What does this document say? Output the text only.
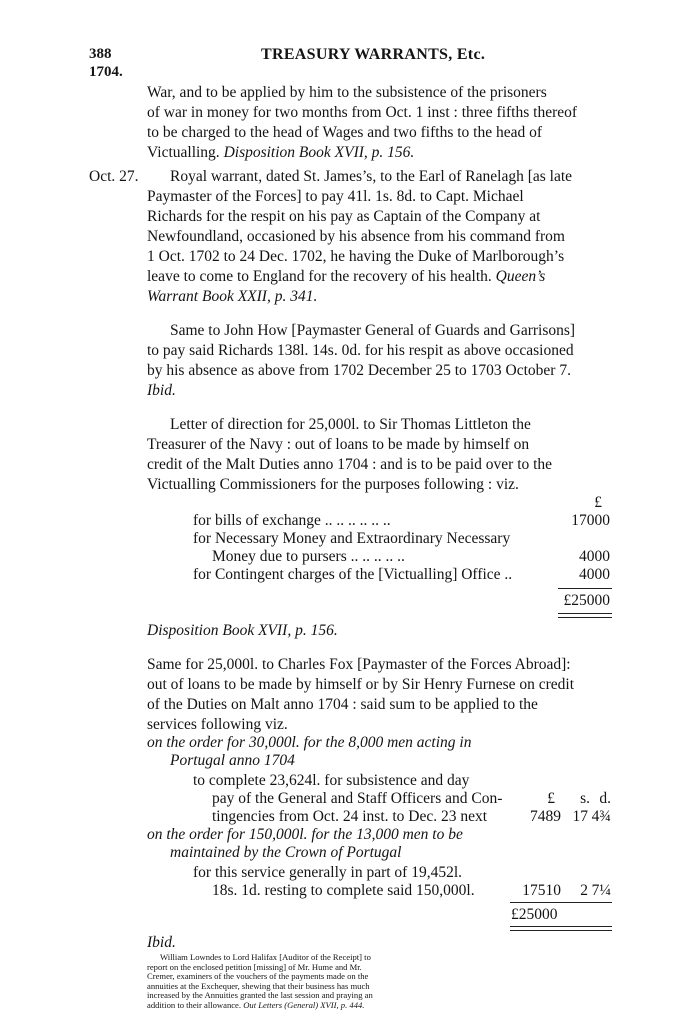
388	TREASURY WARRANTS, Etc.
1704.
War, and to be applied by him to the subsistence of the prisoners
of war in money for two months from Oct. 1 inst : three fifths thereof
to be charged to the head of Wages and two fifths to the head of
Victualling. Disposition Book XVII, p. 156.
Oct. 27. Royal warrant, dated St. James’s, to the Earl of Ranelagh [as late
Paymaster of the Forces] to pay 41l. 1s. 8d. to Capt. Michael
Richards for the respit on his pay as Captain of the Company at
Newfoundland, occasioned by his absence from his command from
1 Oct. 1702 to 24 Dec. 1702, he having the Duke of Marlborough’s
leave to come to England for the recovery of his health. Queen’s
Warrant Book XXII, p. 341.
Same to John How [Paymaster General of Guards and Garrisons]
to pay said Richards 138l. 14s. 0d. for his respit as above occasioned
by his absence as above from 1702 December 25 to 1703 October 7.
Ibid.
Letter of direction for 25,000l. to Sir Thomas Littleton the
Treasurer of the Navy : out of loans to be made by himself on
credit of the Malt Duties anno 1704 : and is to be paid over to the
Victualling Commissioners for the purposes following : viz.
£
for bills of exchange .. .. .. .. .. ..	17000
for Necessary Money and Extraordinary Necessary
Money due to pursers .. .. .. .. ..	4000
for Contingent charges of the [Victualling] Office ..	4000
£25000
Disposition Book XVII, p. 156.
Same for 25,000l. to Charles Fox [Paymaster of the Forces Abroad]:
out of loans to be made by himself or by Sir Henry Furnese on credit
of the Duties on Malt anno 1704 : said sum to be applied to the
services following viz.
on the order for 30,000l. for the 8,000 men acting in
Portugal anno 1704
to complete 23,624l. for subsistence and day
pay of the General and Staff Officers and Con-
tingencies from Oct. 24 inst. to Dec. 23 next
£ s. d.
7489 17 4¾
on the order for 150,000l. for the 13,000 men to be
maintained by the Crown of Portugal
for this service generally in part of 19,452l.
18s. 1d. resting to complete said 150,000l.	17510 2 7¼
£25000
Ibid.
William Lowndes to Lord Halifax [Auditor of the Receipt] to
report on the enclosed petition [missing] of Mr. Hume and Mr.
Cremer, examiners of the vouchers of the payments made on the
annuities at the Exchequer, shewing that their business has much
increased by the Annuities granted the last session and praying an
addition to their allowance. Out Letters (General) XVII, p. 444.
